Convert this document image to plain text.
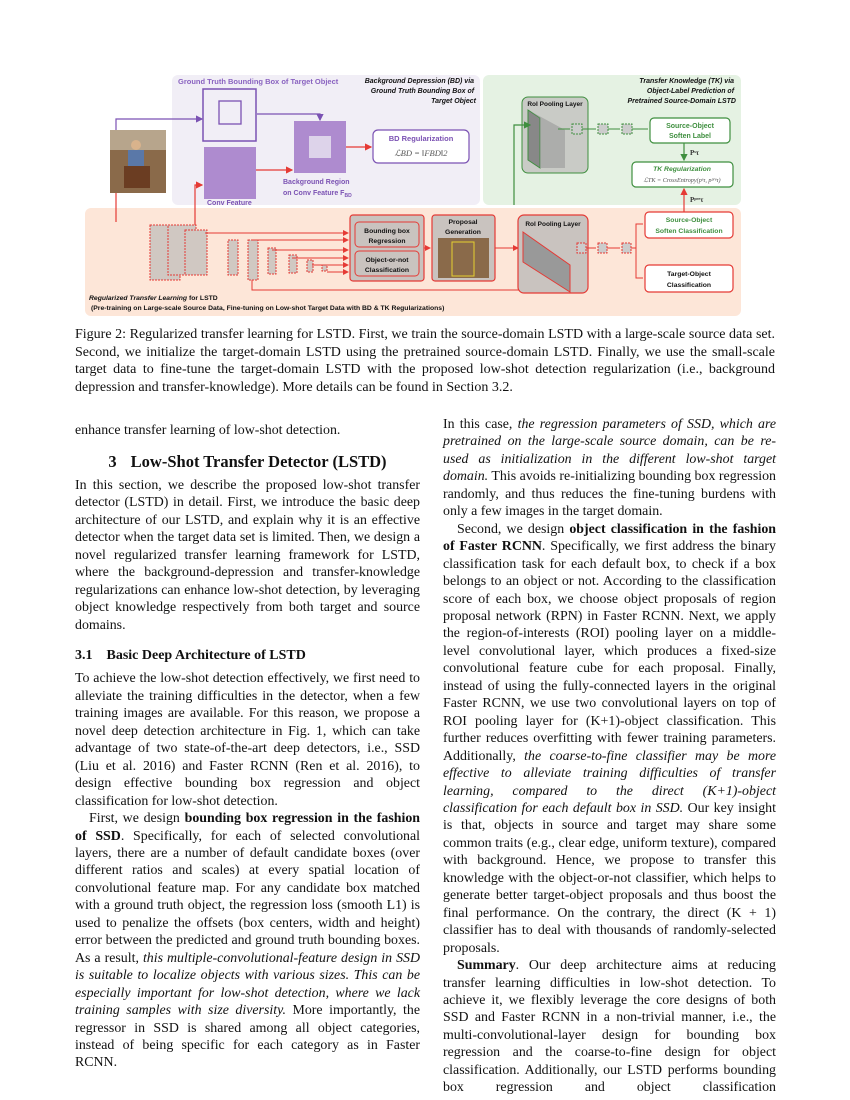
Ground Truth Bounding Box of Target Object
Conv Feature
Background Region
on Conv Feature $F_{BD}$
BD Regularization
ℒBD = ‖FBD‖2
Background Depression (BD) via Ground Truth Bounding Box of Target Object
Transfer Knowledge (TK) via Object-Label Prediction of Pretrained Source-Domain LSTD
RoI Pooling Layer
Source-Object Soften Label
Pˢτ
TK Regularization
ℒTK = CrossEntropy(pˢτ, pᵖʳᵉτ)
Pᵖʳᵉτ
Bounding box Regression
Object-or-not Classification
Proposal Generation
RoI Pooling Layer
Source-Object Soften Classification
Target-Object Classification
Regularized Transfer Learning for LSTD
(Pre-training on Large-scale Source Data, Fine-tuning on Low-shot Target Data with BD & TK Regularizations)
Figure 2: Regularized transfer learning for LSTD. First, we train the source-domain LSTD with a large-scale source data set. Second, we initialize the target-domain LSTD using the pretrained source-domain LSTD. Finally, we use the small-scale target data to fine-tune the target-domain LSTD with the proposed low-shot detection regularization (i.e., background depression and transfer-knowledge). More details can be found in Section 3.2.

enhance transfer learning of low-shot detection.

3 Low-Shot Transfer Detector (LSTD)

In this section, we describe the proposed low-shot transfer detector (LSTD) in detail. First, we introduce the basic deep architecture of our LSTD, and explain why it is an effective detector when the target data set is limited. Then, we design a novel regularized transfer learning framework for LSTD, where the background-depression and transfer-knowledge regularizations can enhance low-shot detection, by leveraging object knowledge respectively from both target and source domains.

3.1 Basic Deep Architecture of LSTD

To achieve the low-shot detection effectively, we first need to alleviate the training difficulties in the detector, when a few training images are available. For this reason, we propose a novel deep detection architecture in Fig. 1, which can take advantage of two state-of-the-art deep detectors, i.e., SSD (Liu et al. 2016) and Faster RCNN (Ren et al. 2016), to design effective bounding box regression and object classification for low-shot detection.

First, we design bounding box regression in the fashion of SSD. Specifically, for each of selected convolutional layers, there are a number of default candidate boxes (over different ratios and scales) at every spatial location of convolutional feature map. For any candidate box matched with a ground truth object, the regression loss (smooth L1) is used to penalize the offsets (box centers, width and height) error between the predicted and ground truth bounding boxes. As a result, this multiple-convolutional-feature design in SSD is suitable to localize objects with various sizes. This can be especially important for low-shot detection, where we lack training samples with size diversity. More importantly, the regressor in SSD is shared among all object categories, instead of being specific for each category as in Faster RCNN.

In this case, the regression parameters of SSD, which are pretrained on the large-scale source domain, can be re-used as initialization in the different low-shot target domain. This avoids re-initializing bounding box regression randomly, and thus reduces the fine-tuning burdens with only a few images in the target domain.

Second, we design object classification in the fashion of Faster RCNN. Specifically, we first address the binary classification task for each default box, to check if a box belongs to an object or not. According to the classification score of each box, we choose object proposals of region proposal network (RPN) in Faster RCNN. Next, we apply the region-of-interests (ROI) pooling layer on a middle-level convolutional layer, which produces a fixed-size convolutional feature cube for each proposal. Finally, instead of using the fully-connected layers in the original Faster RCNN, we use two convolutional layers on top of ROI pooling layer for (K+1)-object classification. This further reduces overfitting with fewer training parameters. Additionally, the coarse-to-fine classifier may be more effective to alleviate training difficulties of transfer learning, compared to the direct (K+1)-object classification for each default box in SSD. Our key insight is that, objects in source and target may share some common traits (e.g., clear edge, uniform texture), compared with background. Hence, we propose to transfer this knowledge with the object-or-not classifier, which helps to generate better target-object proposals and thus boost the final performance. On the contrary, the direct (K + 1) classifier has to deal with thousands of randomly-selected proposals.

Summary. Our deep architecture aims at reducing transfer learning difficulties in low-shot detection. To achieve it, we flexibly leverage the core designs of both SSD and Faster RCNN in a non-trivial manner, i.e., the multi-convolutional-layer design for bounding box regression and the coarse-to-fine design for object classification. Additionally, our LSTD performs bounding box regression and object classification
